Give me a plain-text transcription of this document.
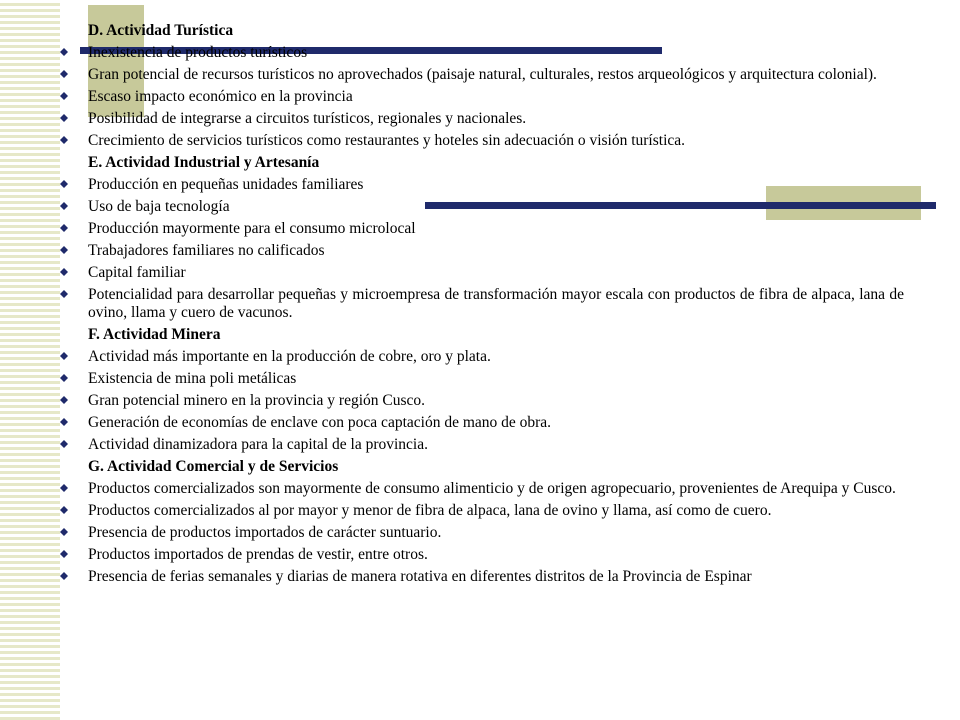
D. Actividad Turística
Inexistencia de productos turísticos
Gran potencial de recursos turísticos no aprovechados (paisaje natural, culturales, restos arqueológicos y arquitectura colonial).
Escaso impacto económico en la provincia
Posibilidad de integrarse a circuitos turísticos, regionales y nacionales.
Crecimiento de servicios turísticos como restaurantes y hoteles sin adecuación o visión turística.
E. Actividad Industrial y Artesanía
Producción en pequeñas unidades familiares
Uso de baja tecnología
Producción mayormente para el consumo microlocal
Trabajadores familiares no calificados
Capital familiar
Potencialidad para desarrollar pequeñas y microempresa de transformación mayor escala con productos de fibra de alpaca, lana de ovino, llama y cuero de vacunos.
F. Actividad Minera
Actividad más importante en la producción de cobre, oro y plata.
Existencia de mina poli metálicas
Gran potencial minero en la provincia y región Cusco.
Generación de economías de enclave con poca captación de mano de obra.
Actividad dinamizadora para la capital de la provincia.
G. Actividad Comercial y de Servicios
Productos comercializados son mayormente de consumo alimenticio y de origen agropecuario, provenientes de Arequipa y Cusco.
Productos comercializados al por mayor y menor de fibra de alpaca, lana de ovino y llama, así como de cuero.
Presencia de productos importados de carácter suntuario.
Productos importados de prendas de vestir, entre otros.
Presencia de ferias semanales y diarias de manera rotativa en diferentes distritos de la Provincia de Espinar
